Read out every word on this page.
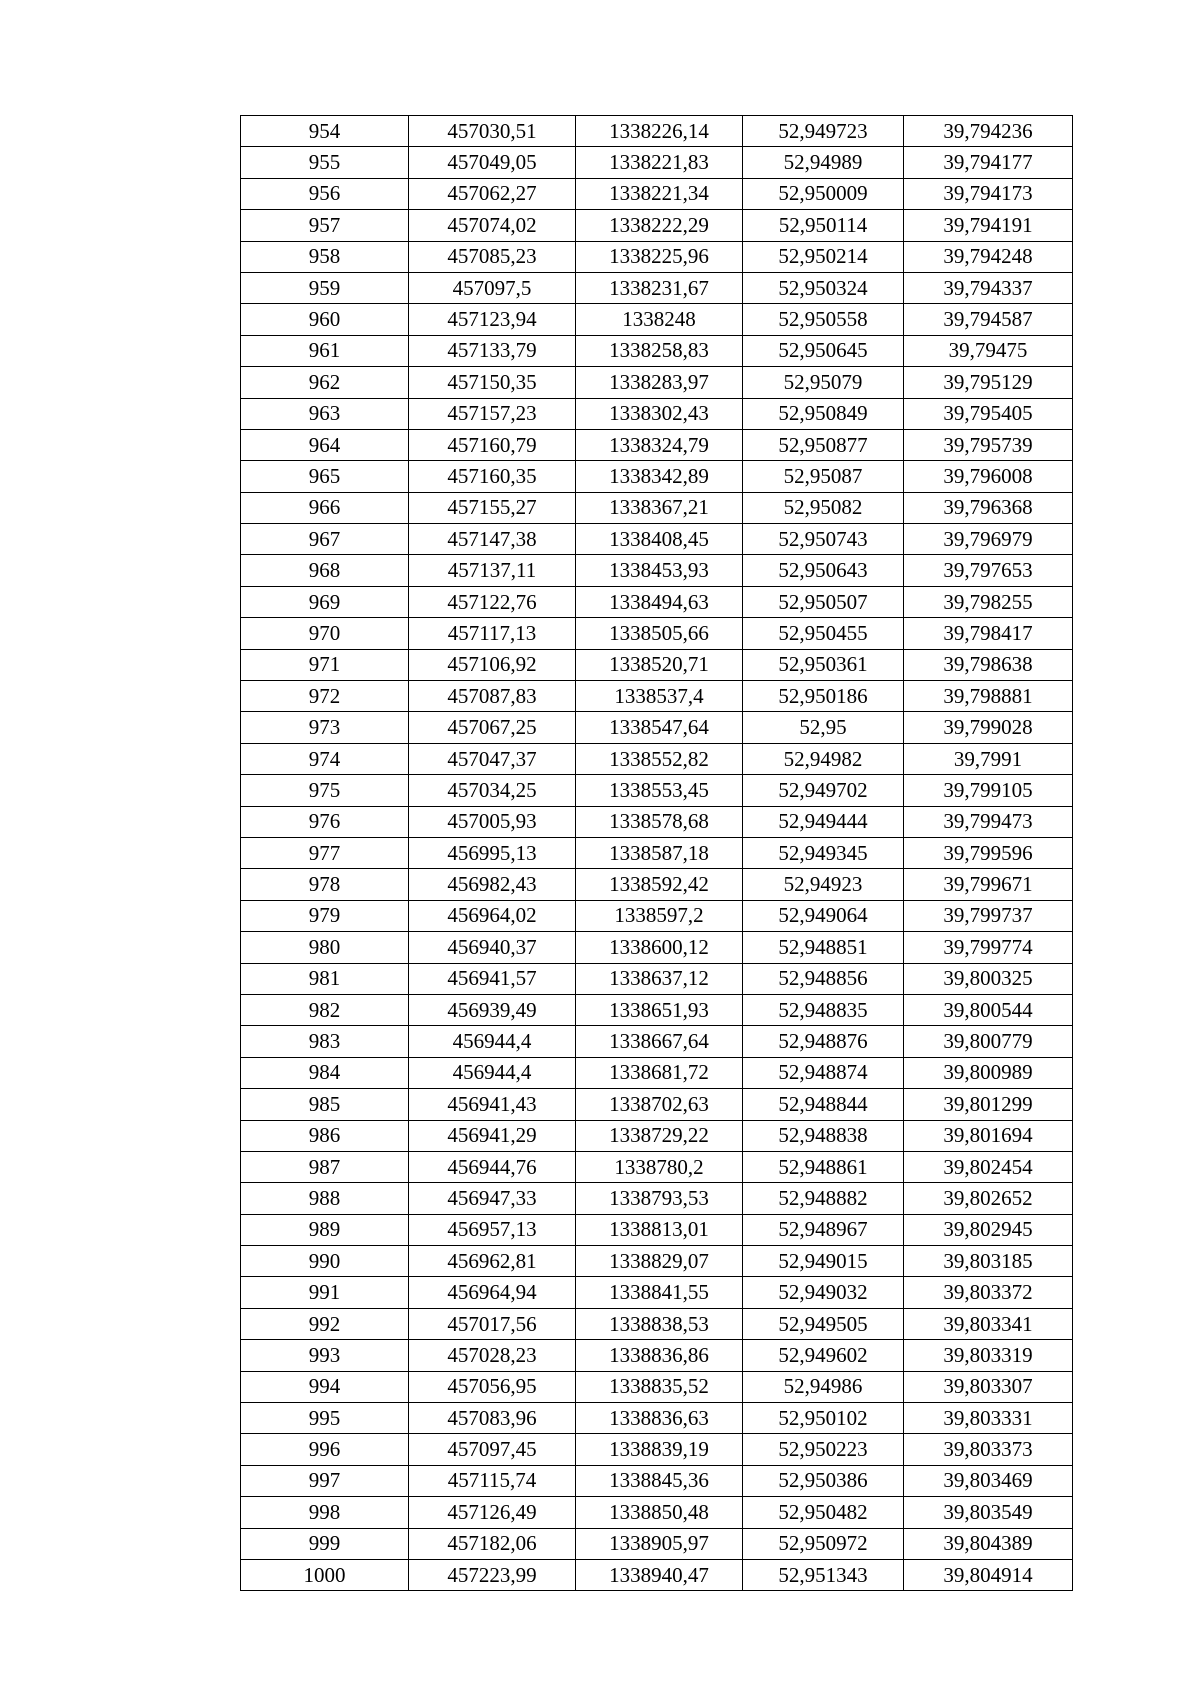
954	457030,51	1338226,14	52,949723	39,794236
955	457049,05	1338221,83	52,94989	39,794177
956	457062,27	1338221,34	52,950009	39,794173
957	457074,02	1338222,29	52,950114	39,794191
958	457085,23	1338225,96	52,950214	39,794248
959	457097,5	1338231,67	52,950324	39,794337
960	457123,94	1338248	52,950558	39,794587
961	457133,79	1338258,83	52,950645	39,79475
962	457150,35	1338283,97	52,95079	39,795129
963	457157,23	1338302,43	52,950849	39,795405
964	457160,79	1338324,79	52,950877	39,795739
965	457160,35	1338342,89	52,95087	39,796008
966	457155,27	1338367,21	52,95082	39,796368
967	457147,38	1338408,45	52,950743	39,796979
968	457137,11	1338453,93	52,950643	39,797653
969	457122,76	1338494,63	52,950507	39,798255
970	457117,13	1338505,66	52,950455	39,798417
971	457106,92	1338520,71	52,950361	39,798638
972	457087,83	1338537,4	52,950186	39,798881
973	457067,25	1338547,64	52,95	39,799028
974	457047,37	1338552,82	52,94982	39,7991
975	457034,25	1338553,45	52,949702	39,799105
976	457005,93	1338578,68	52,949444	39,799473
977	456995,13	1338587,18	52,949345	39,799596
978	456982,43	1338592,42	52,94923	39,799671
979	456964,02	1338597,2	52,949064	39,799737
980	456940,37	1338600,12	52,948851	39,799774
981	456941,57	1338637,12	52,948856	39,800325
982	456939,49	1338651,93	52,948835	39,800544
983	456944,4	1338667,64	52,948876	39,800779
984	456944,4	1338681,72	52,948874	39,800989
985	456941,43	1338702,63	52,948844	39,801299
986	456941,29	1338729,22	52,948838	39,801694
987	456944,76	1338780,2	52,948861	39,802454
988	456947,33	1338793,53	52,948882	39,802652
989	456957,13	1338813,01	52,948967	39,802945
990	456962,81	1338829,07	52,949015	39,803185
991	456964,94	1338841,55	52,949032	39,803372
992	457017,56	1338838,53	52,949505	39,803341
993	457028,23	1338836,86	52,949602	39,803319
994	457056,95	1338835,52	52,94986	39,803307
995	457083,96	1338836,63	52,950102	39,803331
996	457097,45	1338839,19	52,950223	39,803373
997	457115,74	1338845,36	52,950386	39,803469
998	457126,49	1338850,48	52,950482	39,803549
999	457182,06	1338905,97	52,950972	39,804389
1000	457223,99	1338940,47	52,951343	39,804914
